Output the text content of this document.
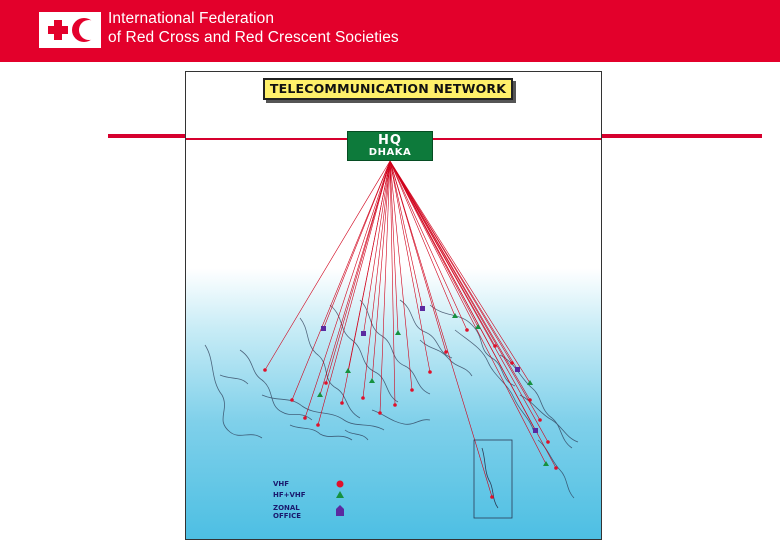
International Federation
of Red Cross and Red Crescent Societies
TELECOMMUNICATION NETWORK
HQ
DHAKA
VHF
HF+VHF
ZONAL
OFFICE
